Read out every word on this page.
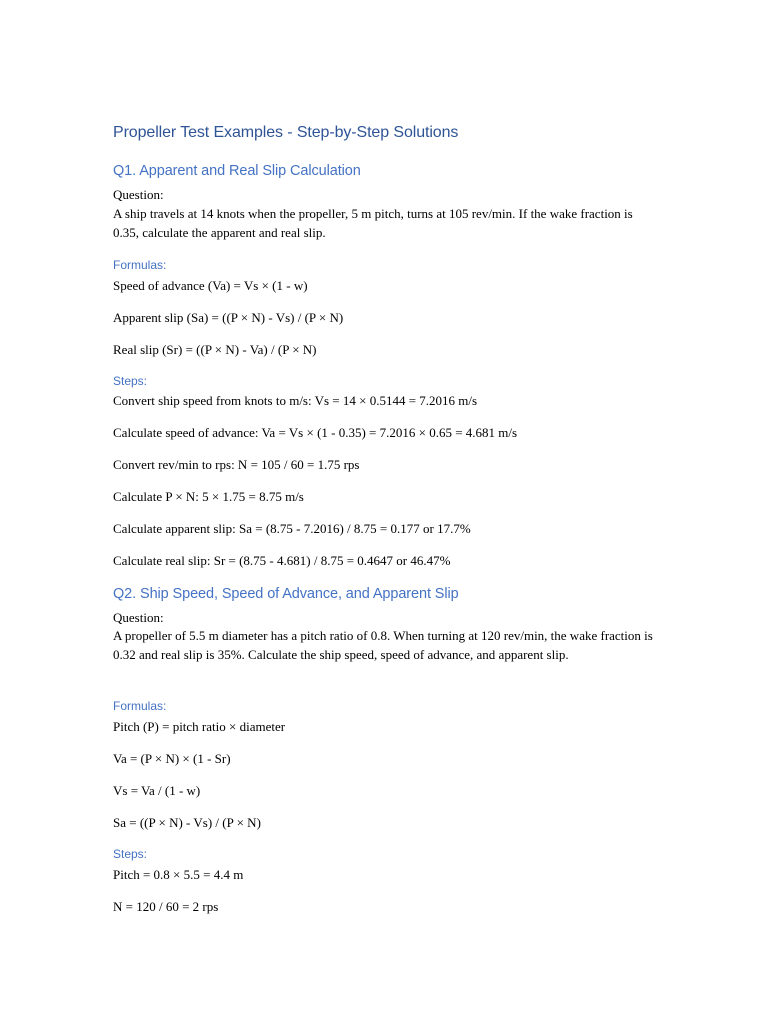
Propeller Test Examples - Step-by-Step Solutions
Q1. Apparent and Real Slip Calculation
Question:
A ship travels at 14 knots when the propeller, 5 m pitch, turns at 105 rev/min. If the wake fraction is 0.35, calculate the apparent and real slip.
Formulas:
Speed of advance (Va) = Vs × (1 - w)
Apparent slip (Sa) = ((P × N) - Vs) / (P × N)
Real slip (Sr) = ((P × N) - Va) / (P × N)
Steps:
Convert ship speed from knots to m/s: Vs = 14 × 0.5144 = 7.2016 m/s
Calculate speed of advance: Va = Vs × (1 - 0.35) = 7.2016 × 0.65 = 4.681 m/s
Convert rev/min to rps: N = 105 / 60 = 1.75 rps
Calculate P × N: 5 × 1.75 = 8.75 m/s
Calculate apparent slip: Sa = (8.75 - 7.2016) / 8.75 = 0.177 or 17.7%
Calculate real slip: Sr = (8.75 - 4.681) / 8.75 = 0.4647 or 46.47%
Q2. Ship Speed, Speed of Advance, and Apparent Slip
Question:
A propeller of 5.5 m diameter has a pitch ratio of 0.8. When turning at 120 rev/min, the wake fraction is 0.32 and real slip is 35%. Calculate the ship speed, speed of advance, and apparent slip.
Formulas:
Pitch (P) = pitch ratio × diameter
Va = (P × N) × (1 - Sr)
Vs = Va / (1 - w)
Sa = ((P × N) - Vs) / (P × N)
Steps:
Pitch = 0.8 × 5.5 = 4.4 m
N = 120 / 60 = 2 rps
